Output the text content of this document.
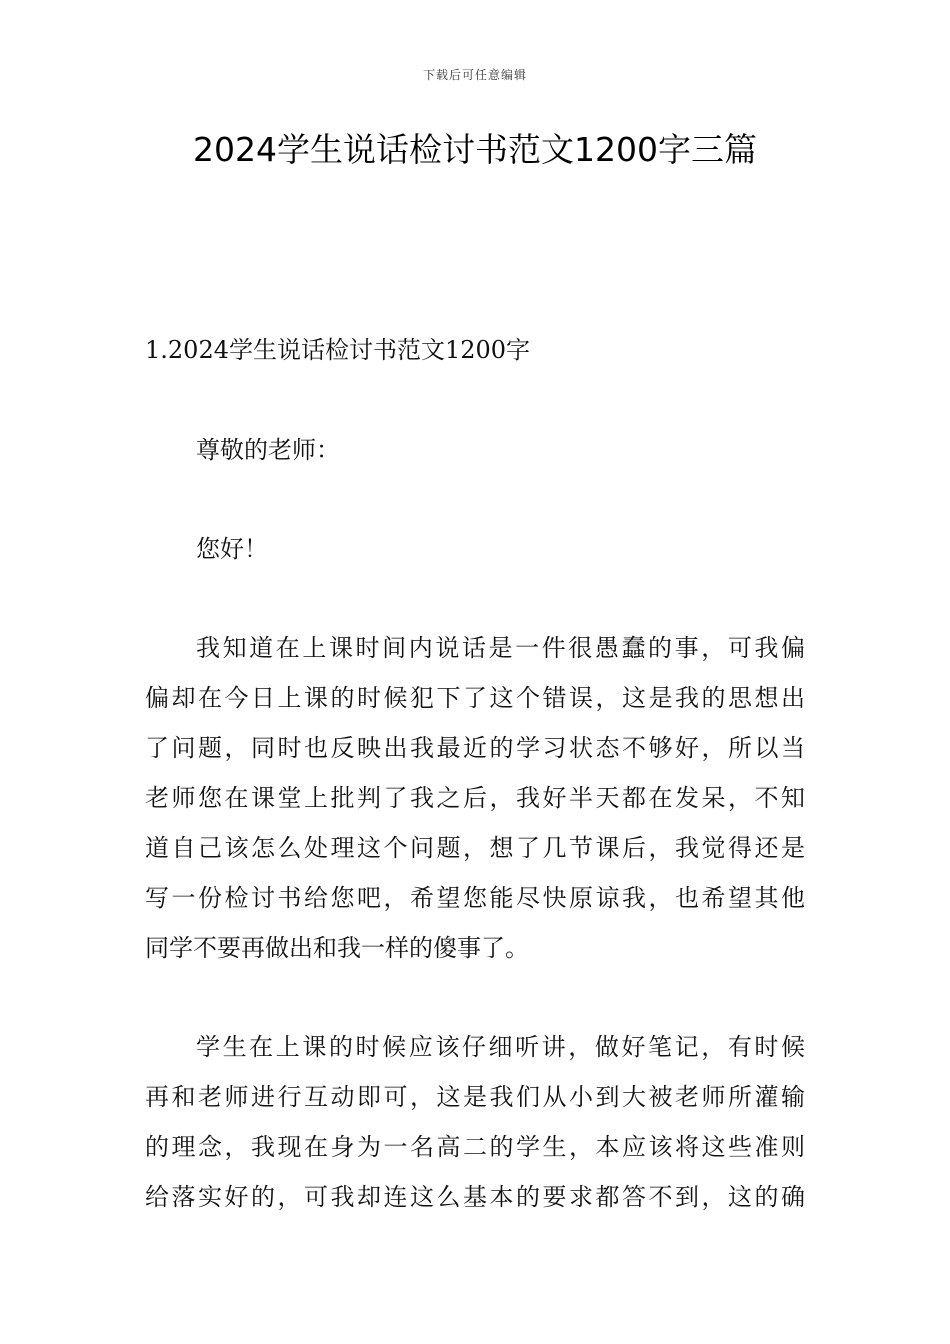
下载后可任意编辑
2024学生说话检讨书范文1200字三篇
1.2024学生说话检讨书范文1200字
尊敬的老师：
您好！
我知道在上课时间内说话是一件很愚蠢的事，可我偏
偏却在今日上课的时候犯下了这个错误，这是我的思想出
了问题，同时也反映出我最近的学习状态不够好，所以当
老师您在课堂上批判了我之后，我好半天都在发呆，不知
道自己该怎么处理这个问题，想了几节课后，我觉得还是
写一份检讨书给您吧，希望您能尽快原谅我，也希望其他
同学不要再做出和我一样的傻事了。
学生在上课的时候应该仔细听讲，做好笔记，有时候
再和老师进行互动即可，这是我们从小到大被老师所灌输
的理念，我现在身为一名高二的学生，本应该将这些准则
给落实好的，可我却连这么基本的要求都答不到，这的确
